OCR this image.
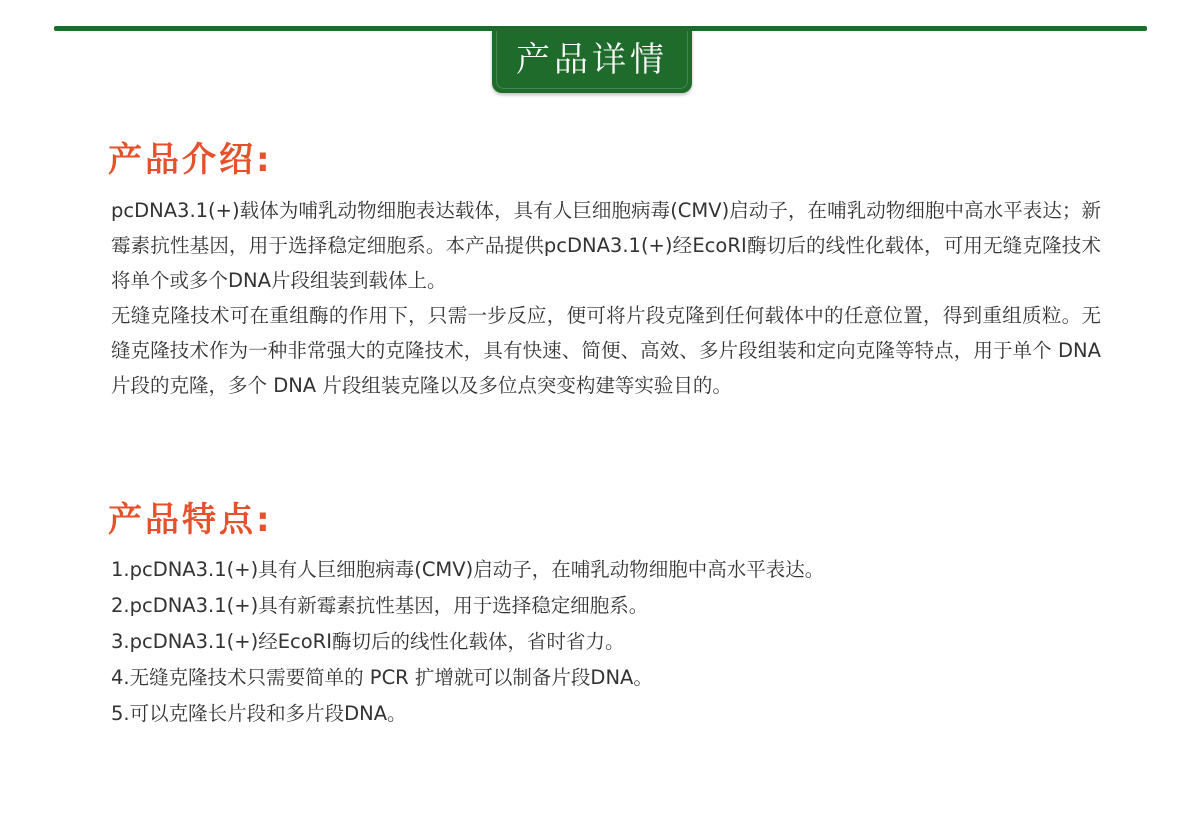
产品详情
产品介绍:

pcDNA3.1(+)载体为哺乳动物细胞表达载体，具有人巨细胞病毒(CMV)启动子，在哺乳动物细胞中高水平表达；新霉素抗性基因，用于选择稳定细胞系。本产品提供pcDNA3.1(+)经EcoRⅠ酶切后的线性化载体，可用无缝克隆技术将单个或多个DNA片段组装到载体上。

无缝克隆技术可在重组酶的作用下，只需一步反应，便可将片段克隆到任何载体中的任意位置，得到重组质粒。无缝克隆技术作为一种非常强大的克隆技术，具有快速、简便、高效、多片段组装和定向克隆等特点，用于单个 DNA 片段的克隆，多个 DNA 片段组装克隆以及多位点突变构建等实验目的。

产品特点:
1.pcDNA3.1(+)具有人巨细胞病毒(CMV)启动子，在哺乳动物细胞中高水平表达。
2.pcDNA3.1(+)具有新霉素抗性基因，用于选择稳定细胞系。
3.pcDNA3.1(+)经EcoRⅠ酶切后的线性化载体，省时省力。
4.无缝克隆技术只需要简单的 PCR 扩增就可以制备片段DNA。
5.可以克隆长片段和多片段DNA。
